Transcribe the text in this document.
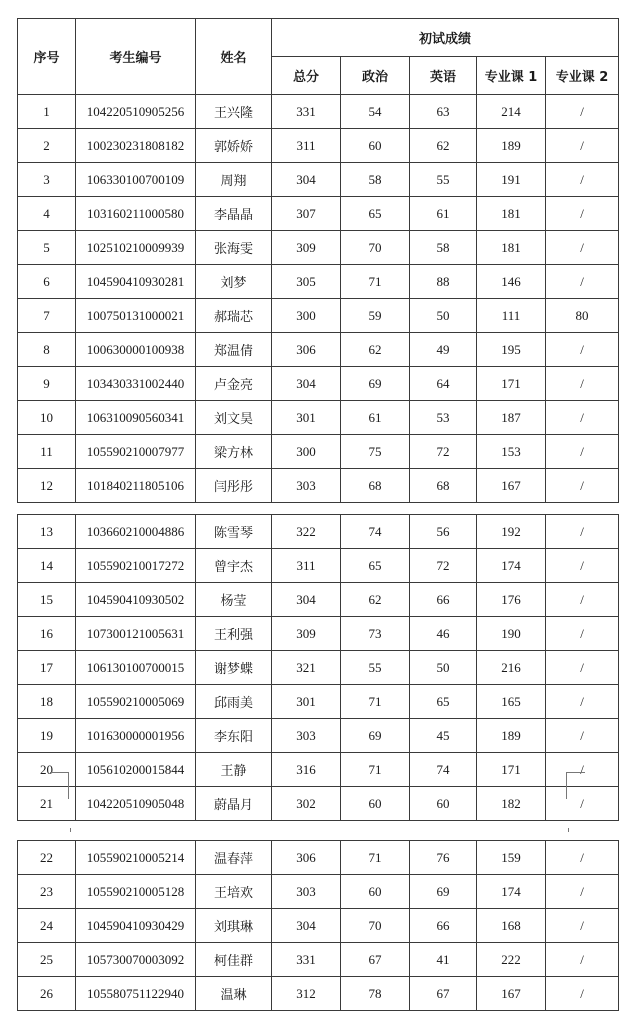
序号	考生编号	姓名	初试成绩				
			总分	政治	英语	专业课 1	专业课 2
1	104220510905256	王兴隆	331	54	63	214	/
2	100230231808182	郭娇娇	311	60	62	189	/
3	106330100700109	周翔	304	58	55	191	/
4	103160211000580	李晶晶	307	65	61	181	/
5	102510210009939	张海雯	309	70	58	181	/
6	104590410930281	刘梦	305	71	88	146	/
7	100750131000021	郝瑞芯	300	59	50	111	80
8	100630000100938	郑温倩	306	62	49	195	/
9	103430331002440	卢金亮	304	69	64	171	/
10	106310090560341	刘文昊	301	61	53	187	/
11	105590210007977	梁方林	300	75	72	153	/
12	101840211805106	闫彤彤	303	68	68	167	/
13	103660210004886	陈雪琴	322	74	56	192	/
14	105590210017272	曾宇杰	311	65	72	174	/
15	104590410930502	杨莹	304	62	66	176	/
16	107300121005631	王利强	309	73	46	190	/
17	106130100700015	谢梦蝶	321	55	50	216	/
18	105590210005069	邱雨美	301	71	65	165	/
19	101630000001956	李东阳	303	69	45	189	/
20	105610200015844	王静	316	71	74	171	/
21	104220510905048	蔚晶月	302	60	60	182	/
22	105590210005214	温春萍	306	71	76	159	/
23	105590210005128	王培欢	303	60	69	174	/
24	104590410930429	刘琪琳	304	70	66	168	/
25	105730070003092	柯佳群	331	67	41	222	/
26	105580751122940	温琳	312	78	67	167	/
